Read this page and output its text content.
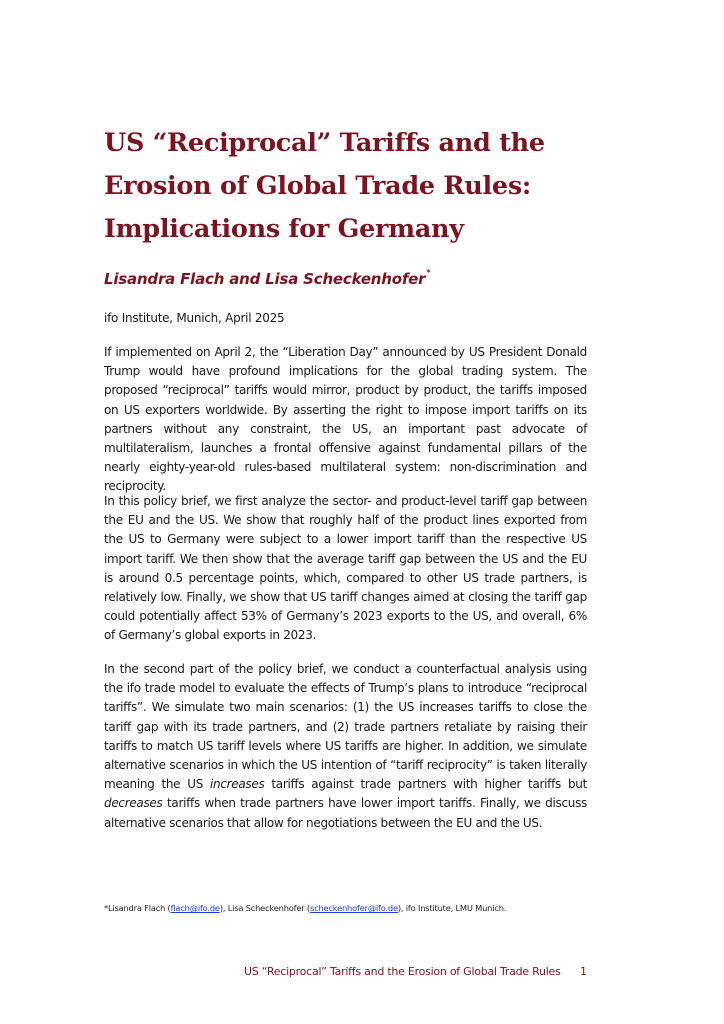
US “Reciprocal” Tariffs and the
Erosion of Global Trade Rules:
Implications for Germany
Lisandra Flach and Lisa Scheckenhofer*
ifo Institute, Munich, April 2025

If implemented on April 2, the “Liberation Day” announced by US President Donald Trump would have profound implications for the global trading system. The proposed “reciprocal” tariffs would mirror, product by product, the tariffs imposed on US exporters worldwide. By asserting the right to impose import tariffs on its partners without any constraint, the US, an important past advocate of multilateralism, launches a frontal offensive against fundamental pillars of the nearly eighty-year-old rules-based multilateral system: non-discrimination and reciprocity.

In this policy brief, we first analyze the sector- and product-level tariff gap between the EU and the US. We show that roughly half of the product lines exported from the US to Germany were subject to a lower import tariff than the respective US import tariff. We then show that the average tariff gap between the US and the EU is around 0.5 percentage points, which, compared to other US trade partners, is relatively low. Finally, we show that US tariff changes aimed at closing the tariff gap could potentially affect 53% of Germany’s 2023 exports to the US, and overall, 6% of Germany’s global exports in 2023.

In the second part of the policy brief, we conduct a counterfactual analysis using the ifo trade model to evaluate the effects of Trump’s plans to introduce “reciprocal tariffs”. We simulate two main scenarios: (1) the US increases tariffs to close the tariff gap with its trade partners, and (2) trade partners retaliate by raising their tariffs to match US tariff levels where US tariffs are higher. In addition, we simulate alternative scenarios in which the US intention of “tariff reciprocity” is taken literally meaning the US increases tariffs against trade partners with higher tariffs but decreases tariffs when trade partners have lower import tariffs. Finally, we discuss alternative scenarios that allow for negotiations between the EU and the US.

*Lisandra Flach (flach@ifo.de), Lisa Scheckenhofer (scheckenhofer@ifo.de), ifo Institute, LMU Munich.
US “Reciprocal” Tariffs and the Erosion of Global Trade Rules 1
